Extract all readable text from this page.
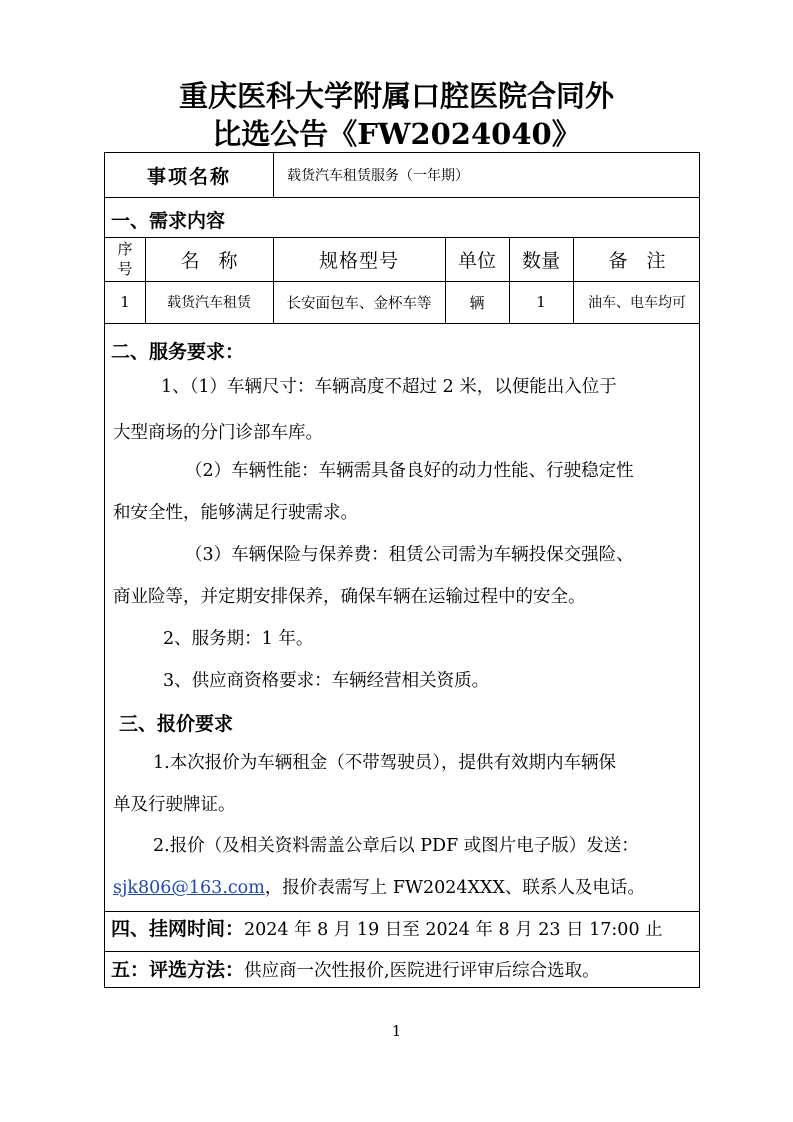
重庆医科大学附属口腔医院合同外
比选公告《FW2024040》
事项名称	载货汽车租赁服务（一年期）
一、需求内容
序号	名　称	规格型号	单位	数量	备　注
1	载货汽车租赁	长安面包车、金杯车等	辆	1	油车、电车均可
二、服务要求：
1、（1）车辆尺寸：车辆高度不超过 2 米，以便能出入位于
大型商场的分门诊部车库。
（2）车辆性能：车辆需具备良好的动力性能、行驶稳定性
和安全性，能够满足行驶需求。
（3）车辆保险与保养费：租赁公司需为车辆投保交强险、
商业险等，并定期安排保养，确保车辆在运输过程中的安全。
2、服务期：1 年。
3、供应商资格要求：车辆经营相关资质。
三、报价要求
1.本次报价为车辆租金（不带驾驶员），提供有效期内车辆保
单及行驶牌证。
2.报价（及相关资料需盖公章后以 PDF 或图片电子版）发送：
sjk806@163.com，报价表需写上 FW2024XXX、联系人及电话。
四、挂网时间：2024 年 8 月 19 日至 2024 年 8 月 23 日 17:00 止
五：评选方法：供应商一次性报价,医院进行评审后综合选取。
1
